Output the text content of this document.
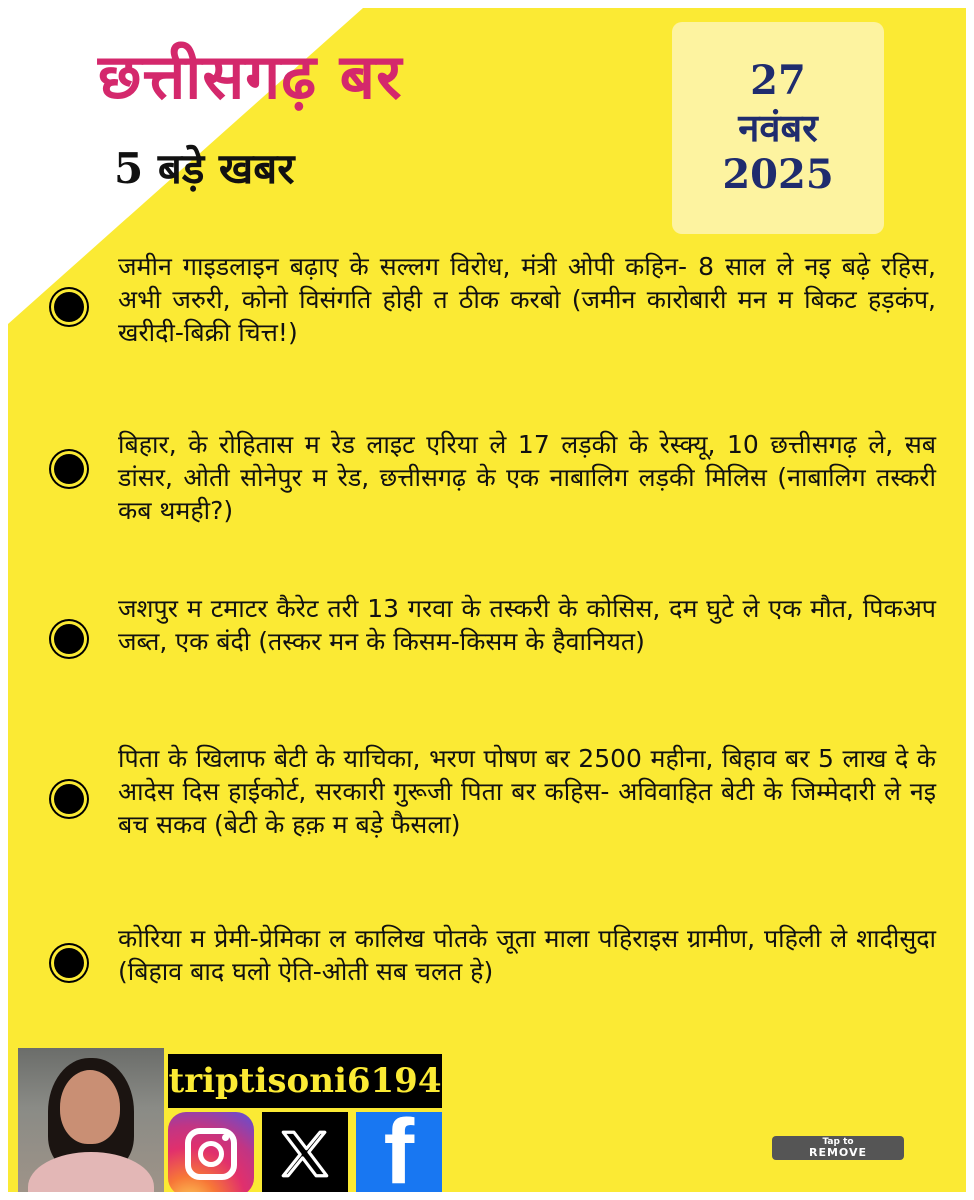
छत्तीसगढ़ बर
5 बड़े खबर
27
नवंबर
2025

जमीन गाइडलाइन बढ़ाए के सल्लग विरोध, मंत्री ओपी कहिन- 8 साल ले नइ बढ़े रहिस, अभी जरुरी, कोनो विसंगति होही त ठीक करबो (जमीन कारोबारी मन म बिकट हड़कंप, खरीदी-बिक्री चित्त!)

बिहार, के रोहितास म रेड लाइट एरिया ले 17 लड़की के रेस्क्यू, 10 छत्तीसगढ़ ले, सब डांसर, ओती सोनेपुर म रेड, छत्तीसगढ़ के एक नाबालिग लड़की मिलिस (नाबालिग तस्करी कब थमही?)

जशपुर म टमाटर कैरेट तरी 13 गरवा के तस्करी के कोसिस, दम घुटे ले एक मौत, पिकअप जब्त, एक बंदी (तस्कर मन के किसम-किसम के हैवानियत)

पिता के खिलाफ बेटी के याचिका, भरण पोषण बर 2500 महीना, बिहाव बर 5 लाख दे के आदेस दिस हाईकोर्ट, सरकारी गुरूजी पिता बर कहिस- अविवाहित बेटी के जिम्मेदारी ले नइ बच सकव (बेटी के हक़ म बड़े फैसला)

कोरिया म प्रेमी-प्रेमिका ल कालिख पोतके जूता माला पहिराइस ग्रामीण, पहिली ले शादीसुदा (बिहाव बाद घलो ऐति-ओती सब चलत हे)

triptisoni6194
f	Tap to
REMOVE
